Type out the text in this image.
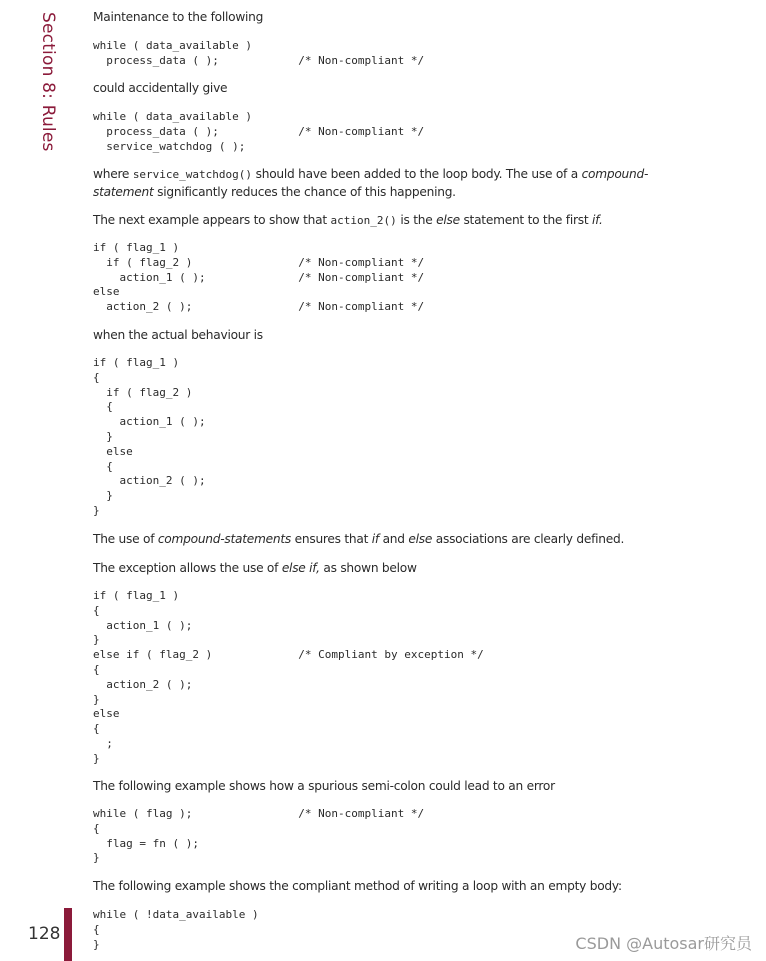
Section 8: Rules
128	CSDN @Autosar研究员

Maintenance to the following

while ( data_available )
process_data ( );            /* Non-compliant */

could accidentally give

while ( data_available )
process_data ( );            /* Non-compliant */
service_watchdog ( );

where service_watchdog() should have been added to the loop body. The use of a compound-statement significantly reduces the chance of this happening.

The next example appears to show that action_2() is the else statement to the first if.

if ( flag_1 )
if ( flag_2 )                /* Non-compliant */
action_1 ( );              /* Non-compliant */
else
action_2 ( );                /* Non-compliant */

when the actual behaviour is

if ( flag_1 )
{
if ( flag_2 )
{
action_1 ( );
}
else
{
action_2 ( );
}
}

The use of compound-statements ensures that if and else associations are clearly defined.

The exception allows the use of else if, as shown below

if ( flag_1 )
{
action_1 ( );
}
else if ( flag_2 )             /* Compliant by exception */
{
action_2 ( );
}
else
{
;
}

The following example shows how a spurious semi-colon could lead to an error

while ( flag );                /* Non-compliant */
{
flag = fn ( );
}

The following example shows the compliant method of writing a loop with an empty body:

while ( !data_available )
{
}
